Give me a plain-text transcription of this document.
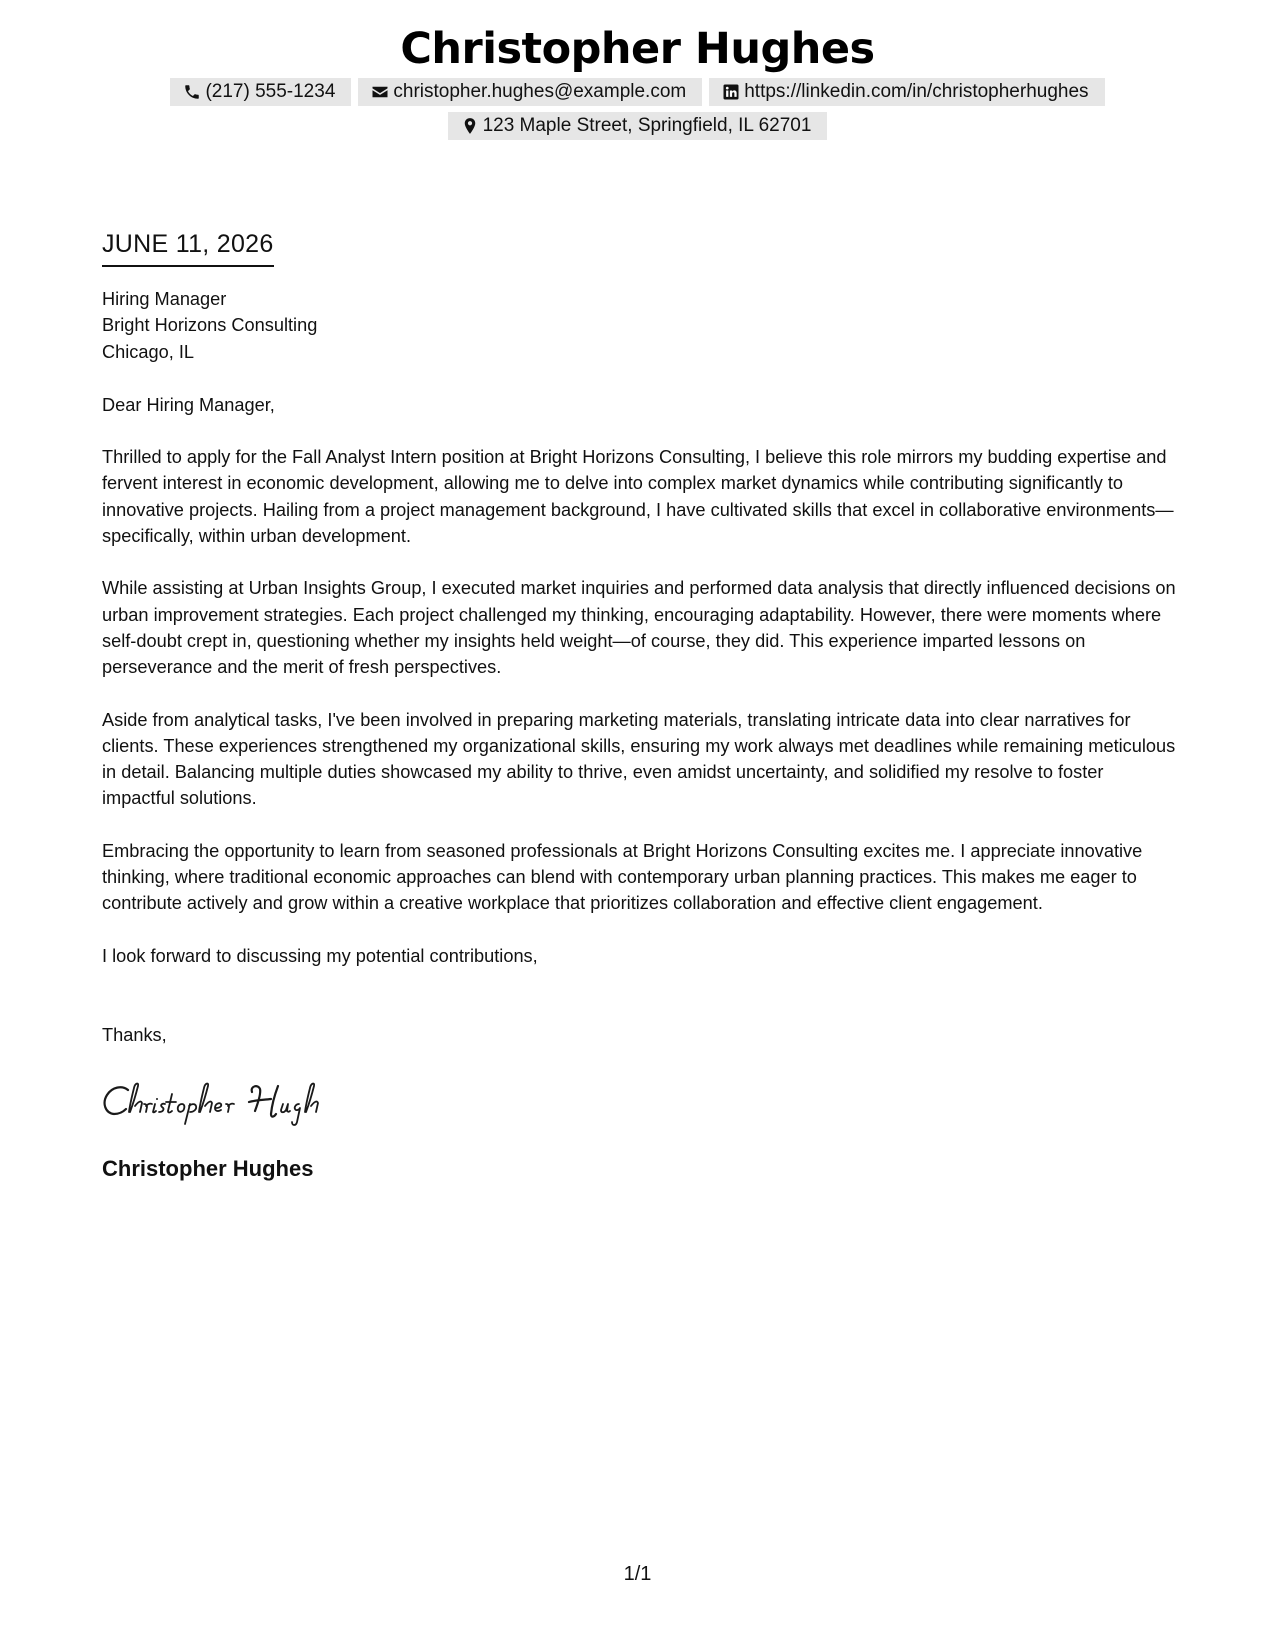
Christopher Hughes
(217) 555-1234	christopher.hughes@example.com	https://linkedin.com/in/christopherhughes
123 Maple Street, Springfield, IL 62701
JUNE 11, 2026
Hiring Manager
Bright Horizons Consulting
Chicago, IL
Dear Hiring Manager,

Thrilled to apply for the Fall Analyst Intern position at Bright Horizons Consulting, I believe this role mirrors my budding expertise and fervent interest in economic development, allowing me to delve into complex market dynamics while contributing significantly to innovative projects. Hailing from a project management background, I have cultivated skills that excel in collaborative environments—specifically, within urban development.

While assisting at Urban Insights Group, I executed market inquiries and performed data analysis that directly influenced decisions on urban improvement strategies. Each project challenged my thinking, encouraging adaptability. However, there were moments where self-doubt crept in, questioning whether my insights held weight—of course, they did. This experience imparted lessons on perseverance and the merit of fresh perspectives.

Aside from analytical tasks, I've been involved in preparing marketing materials, translating intricate data into clear narratives for clients. These experiences strengthened my organizational skills, ensuring my work always met deadlines while remaining meticulous in detail. Balancing multiple duties showcased my ability to thrive, even amidst uncertainty, and solidified my resolve to foster impactful solutions.

Embracing the opportunity to learn from seasoned professionals at Bright Horizons Consulting excites me. I appreciate innovative thinking, where traditional economic approaches can blend with contemporary urban planning practices. This makes me eager to contribute actively and grow within a creative workplace that prioritizes collaboration and effective client engagement.

I look forward to discussing my potential contributions,
Thanks,
Christopher Hughes
1/1
